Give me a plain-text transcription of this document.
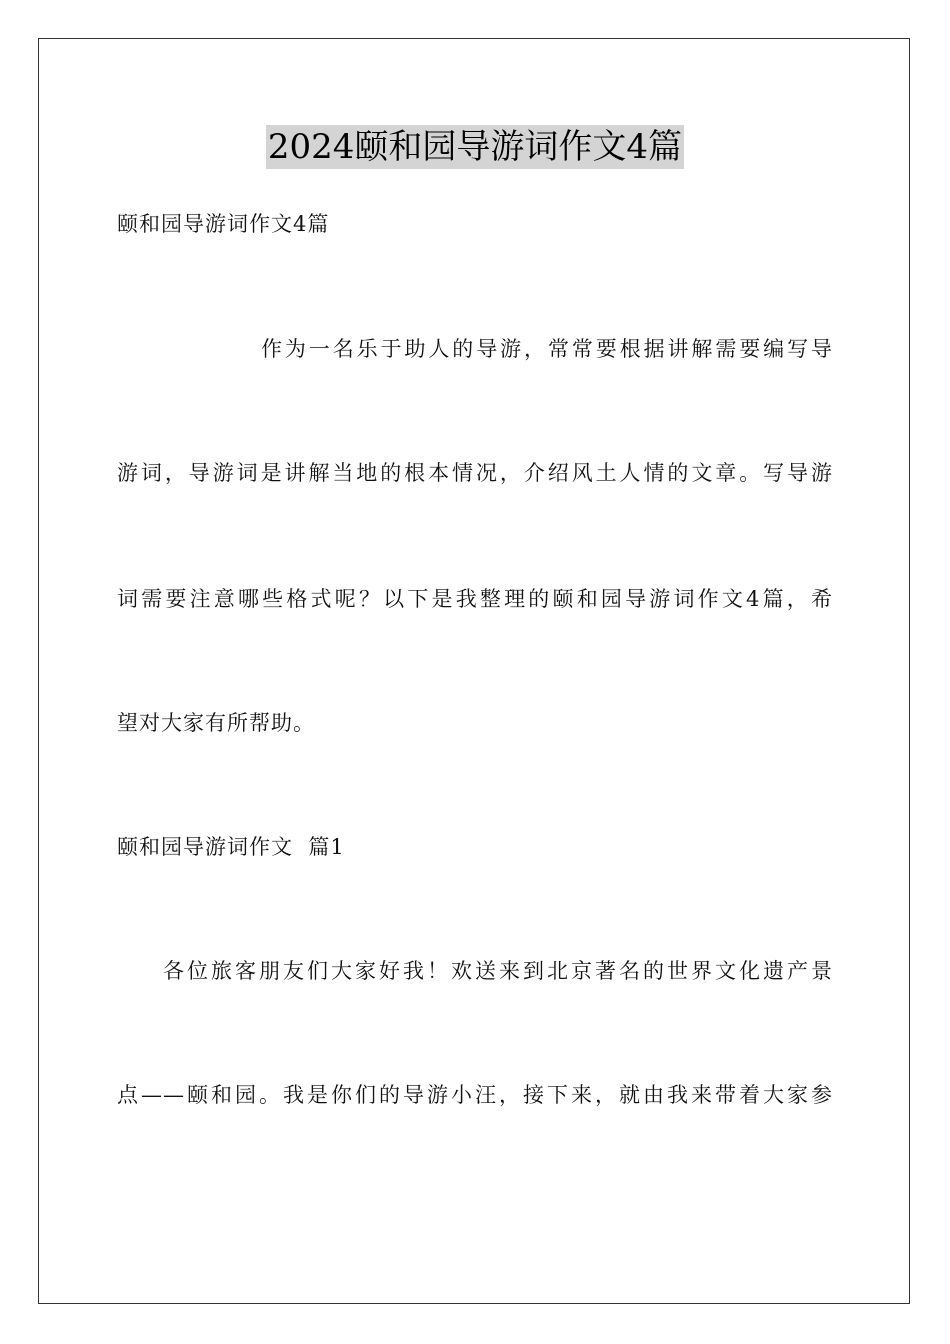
2024颐和园导游词作文4篇
颐和园导游词作文4篇
作为一名乐于助人的导游，常常要根据讲解需要编写导
游词，导游词是讲解当地的根本情况，介绍风土人情的文章。写导游
词需要注意哪些格式呢？以下是我整理的颐和园导游词作文4篇，希
望对大家有所帮助。
颐和园导游词作文  篇1
各位旅客朋友们大家好我！欢送来到北京著名的世界文化遗产景
点——颐和园。我是你们的导游小汪，接下来，就由我来带着大家参
